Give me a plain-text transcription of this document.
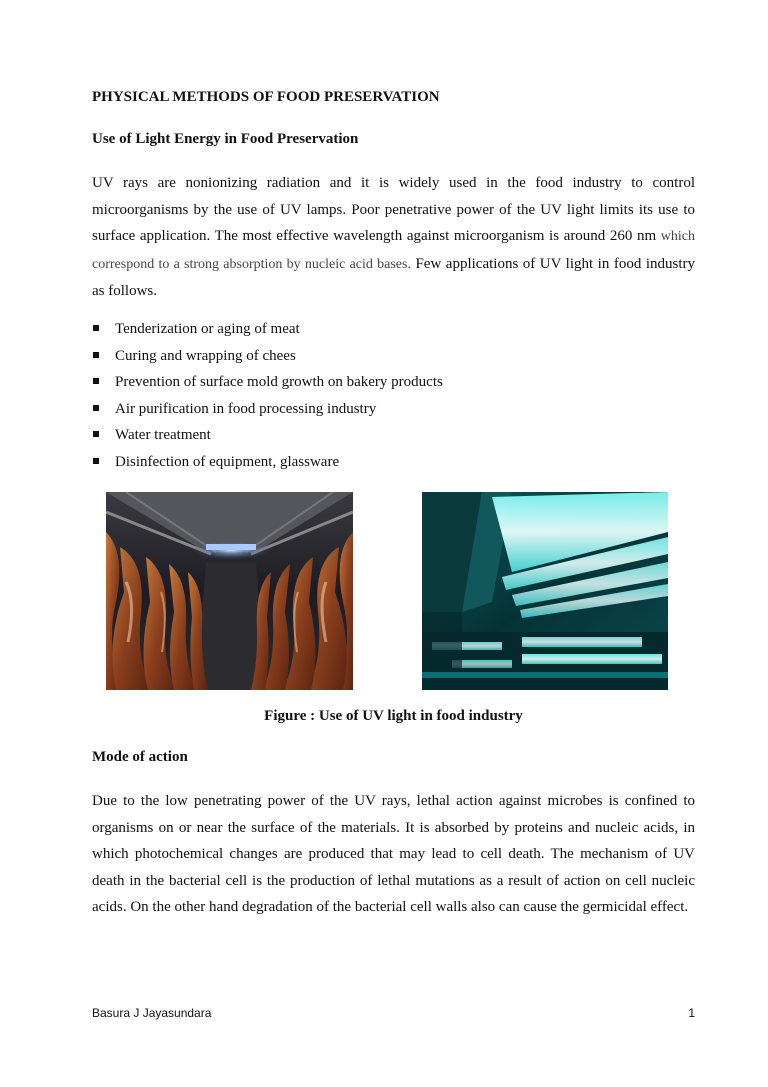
PHYSICAL METHODS OF FOOD PRESERVATION
Use of Light Energy in Food Preservation
UV rays are nonionizing radiation and it is widely used in the food industry to control microorganisms by the use of UV lamps. Poor penetrative power of the UV light limits its use to surface application. The most effective wavelength against microorganism is around 260 nm which correspond to a strong absorption by nucleic acid bases. Few applications of UV light in food industry as follows.
Tenderization or aging of meat
Curing and wrapping of chees
Prevention of surface mold growth on bakery products
Air purification in food processing industry
Water treatment
Disinfection of equipment, glassware
Figure : Use of UV light in food industry
Mode of action
Due to the low penetrating power of the UV rays, lethal action against microbes is confined to organisms on or near the surface of the materials. It is absorbed by proteins and nucleic acids, in which photochemical changes are produced that may lead to cell death. The mechanism of UV death in the bacterial cell is the production of lethal mutations as a result of action on cell nucleic acids. On the other hand degradation of the bacterial cell walls also can cause the germicidal effect.
Basura J Jayasundara	1
